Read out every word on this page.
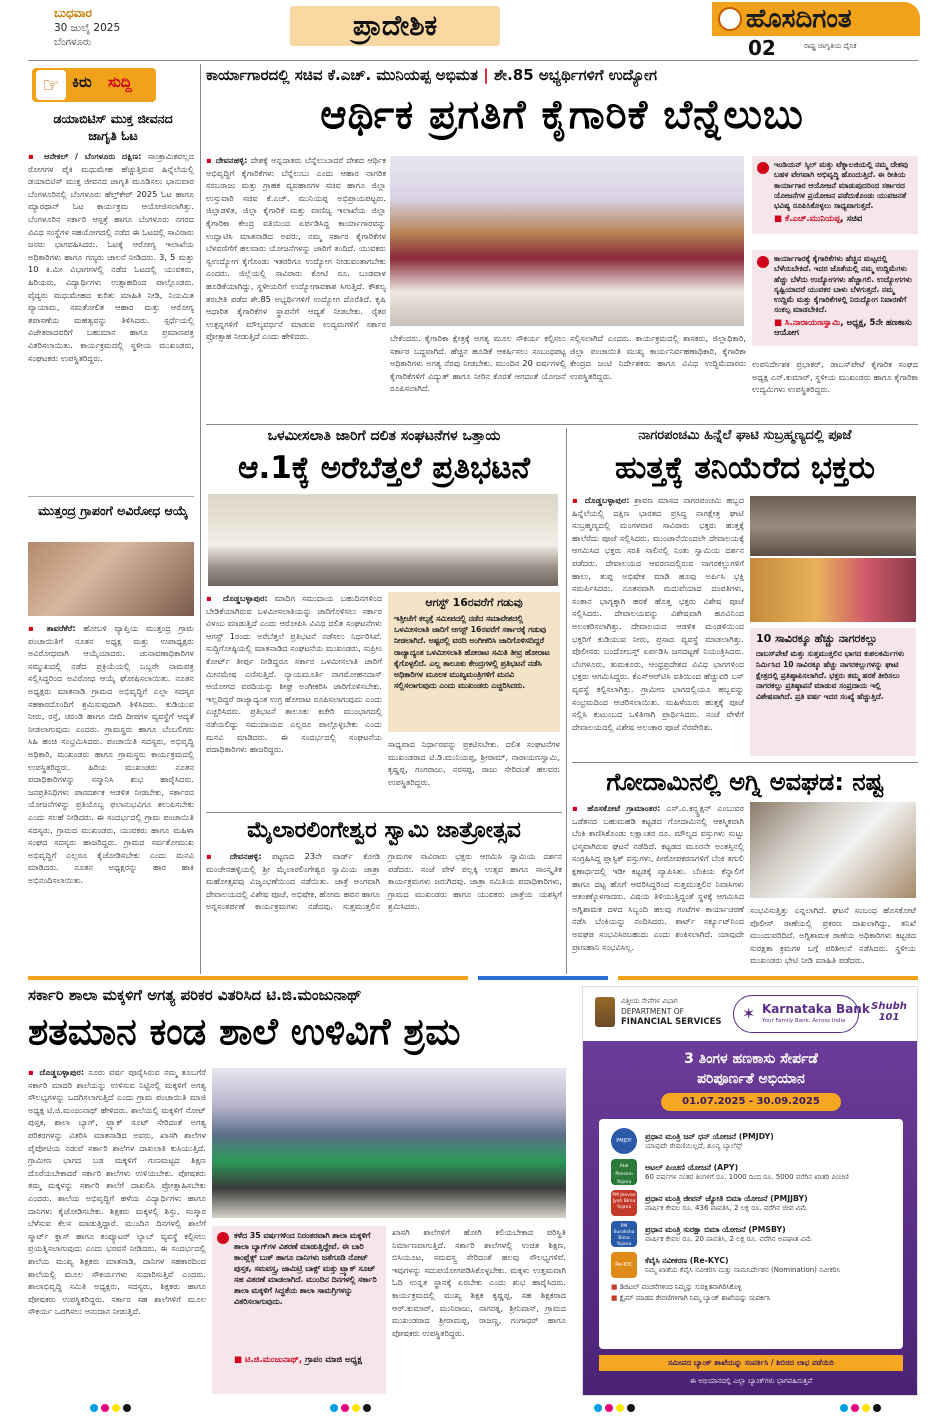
ಬುಧವಾರ
30 ಜುಲೈ 2025
ಬೆಂಗಳೂರು
ಪ್ರಾದೇಶಿಕ	ಹೊಸದಿಗಂತ
02	ರಾಷ್ಟ್ರ ಜಾಗೃತಿಯ ದೈನಿಕ
☞ ಕಿರು ಸುದ್ದಿ
ಡಯಾಬಿಟಿಸ್ ಮುಕ್ತ ಜೀವನದ ಜಾಗೃತಿ ಓಟ
▪ ಆನೇಕಲ್ / ಬೆಂಗಳೂರು ದಕ್ಷಿಣ: ಸಾಂಕ್ರಾಮಿಕವಲ್ಲದ ರೋಗಗಳ ಪೈಕಿ ಮಧುಮೇಹ ಹೆಚ್ಚುತ್ತಿರುವ ಹಿನ್ನೆಲೆಯಲ್ಲಿ ಡಯಾಬಿಟಿಸ್ ಮುಕ್ತ ಜೀವನದ ಜಾಗೃತಿ ಮೂಡಿಸಲು ಭಾನುವಾರ ಬೆಂಗಳೂರಿನಲ್ಲಿ ಬೆಂಗಳೂರು ಹೆಲ್ತ್‌ಕೇರ್ 2025 ಓಟ ಹಾಗೂ ಮ್ಯಾರಥಾನ್ ಓಟ ಕಾರ್ಯಕ್ರಮ ಆಯೋಜಿಸಲಾಗಿತ್ತು. ಬೆಂಗಳೂರಿನ ಸರ್ಕಾರಿ ಆಸ್ಪತ್ರೆ ಹಾಗೂ ಬೆಂಗಳೂರು ನಗರದ ವಿವಿಧ ಸಂಸ್ಥೆಗಳ ಸಹಯೋಗದಲ್ಲಿ ನಡೆದ ಈ ಓಟದಲ್ಲಿ ಸಾವಿರಾರು ಜನರು ಭಾಗವಹಿಸಿದರು. ಓಟಕ್ಕೆ ಆರೋಗ್ಯ ಇಲಾಖೆಯ ಅಧಿಕಾರಿಗಳು ಹಾಗೂ ಗಣ್ಯರು ಚಾಲನೆ ನೀಡಿದರು. 3, 5 ಮತ್ತು 10 ಕಿ.ಮೀ ವಿಭಾಗಗಳಲ್ಲಿ ನಡೆದ ಓಟದಲ್ಲಿ ಯುವಕರು, ಹಿರಿಯರು, ವಿದ್ಯಾರ್ಥಿಗಳು ಉತ್ಸಾಹದಿಂದ ಪಾಲ್ಗೊಂಡರು. ವೈದ್ಯರು ಮಧುಮೇಹದ ಕುರಿತು ಮಾಹಿತಿ ನೀಡಿ, ನಿಯಮಿತ ವ್ಯಾಯಾಮ, ಸಮತೋಲಿತ ಆಹಾರ ಮತ್ತು ಆರೋಗ್ಯ ತಪಾಸಣೆಯ ಮಹತ್ವವನ್ನು ತಿಳಿಸಿದರು. ಸ್ಪರ್ಧೆಯಲ್ಲಿ ವಿಜೇತರಾದವರಿಗೆ ಬಹುಮಾನ ಹಾಗೂ ಪ್ರಮಾಣಪತ್ರ ವಿತರಿಸಲಾಯಿತು. ಕಾರ್ಯಕ್ರಮದಲ್ಲಿ ಸ್ಥಳೀಯ ಮುಖಂಡರು, ಸಂಘಟಕರು ಉಪಸ್ಥಿತರಿದ್ದರು.
ಮುತ್ತಂದ್ರ ಗ್ರಾಪಂಗೆ ಅವಿರೋಧ ಆಯ್ಕೆ
▪ ತಾವರೆಕೆರೆ: ಹೋಬಳಿ ವ್ಯಾಪ್ತಿಯ ಮುತ್ತಂದ್ರ ಗ್ರಾಮ ಪಂಚಾಯಿತಿಗೆ ನೂತನ ಅಧ್ಯಕ್ಷ ಮತ್ತು ಉಪಾಧ್ಯಕ್ಷರು ಅವಿರೋಧವಾಗಿ ಆಯ್ಕೆಯಾದರು. ಚುನಾವಣಾಧಿಕಾರಿಗಳ ಸಮ್ಮುಖದಲ್ಲಿ ನಡೆದ ಪ್ರಕ್ರಿಯೆಯಲ್ಲಿ ಒಬ್ಬರೇ ನಾಮಪತ್ರ ಸಲ್ಲಿಸಿದ್ದರಿಂದ ಅವಿರೋಧ ಆಯ್ಕೆ ಘೋಷಿಸಲಾಯಿತು. ನೂತನ ಅಧ್ಯಕ್ಷರು ಮಾತನಾಡಿ ಗ್ರಾಮದ ಅಭಿವೃದ್ಧಿಗೆ ಎಲ್ಲಾ ಸದಸ್ಯರ ಸಹಕಾರದೊಂದಿಗೆ ಶ್ರಮಿಸುವುದಾಗಿ ತಿಳಿಸಿದರು. ಕುಡಿಯುವ ನೀರು, ರಸ್ತೆ, ಚರಂಡಿ ಹಾಗೂ ಬೀದಿ ದೀಪಗಳ ವ್ಯವಸ್ಥೆಗೆ ಆದ್ಯತೆ ನೀಡಲಾಗುವುದು ಎಂದರು. ಗ್ರಾಮಸ್ಥರು ಹಾಗೂ ಬೆಂಬಲಿಗರು ಸಿಹಿ ಹಂಚಿ ಸಂಭ್ರಮಿಸಿದರು. ಪಂಚಾಯಿತಿ ಸದಸ್ಯರು, ಅಭಿವೃದ್ಧಿ ಅಧಿಕಾರಿ, ಮುಖಂಡರು ಹಾಗೂ ಗ್ರಾಮಸ್ಥರು ಕಾರ್ಯಕ್ರಮದಲ್ಲಿ ಉಪಸ್ಥಿತರಿದ್ದರು. ಹಿರಿಯ ಮುಖಂಡರು ನೂತನ ಪದಾಧಿಕಾರಿಗಳನ್ನು ಸನ್ಮಾನಿಸಿ ಶುಭ ಹಾರೈಸಿದರು. ಜನಪ್ರತಿನಿಧಿಗಳು ಪಾರದರ್ಶಕ ಆಡಳಿತ ನೀಡಬೇಕು, ಸರ್ಕಾರದ ಯೋಜನೆಗಳನ್ನು ಪ್ರತಿಯೊಬ್ಬ ಫಲಾನುಭವಿಗೂ ತಲುಪಿಸಬೇಕು ಎಂದು ಸಲಹೆ ನೀಡಿದರು. ಈ ಸಂದರ್ಭದಲ್ಲಿ ಗ್ರಾಮ ಪಂಚಾಯಿತಿ ಸದಸ್ಯರು, ಗ್ರಾಮದ ಮುಖಂಡರು, ಯುವಕರು ಹಾಗೂ ಮಹಿಳಾ ಸಂಘದ ಸದಸ್ಯರು ಹಾಜರಿದ್ದರು. ಗ್ರಾಮದ ಸರ್ವತೋಮುಖ ಅಭಿವೃದ್ಧಿಗೆ ಎಲ್ಲರೂ ಕೈಜೋಡಿಸಬೇಕು ಎಂದು ಮನವಿ ಮಾಡಿದರು. ನೂತನ ಅಧ್ಯಕ್ಷರನ್ನು ಹಾರ ಹಾಕಿ ಅಭಿನಂದಿಸಲಾಯಿತು.
ಕಾರ್ಯಾಗಾರದಲ್ಲಿ ಸಚಿವ ಕೆ.ಎಚ್. ಮುನಿಯಪ್ಪ ಅಭಿಮತ | ಶೇ.85 ಅಭ್ಯರ್ಥಿಗಳಿಗೆ ಉದ್ಯೋಗ
ಆರ್ಥಿಕ ಪ್ರಗತಿಗೆ ಕೈಗಾರಿಕೆ ಬೆನ್ನೆಲುಬು
▪ ದೇವನಹಳ್ಳಿ: ದೇಶಕ್ಕೆ ಅನ್ನದಾತರು ಬೆನ್ನೆಲುಬಾದರೆ ದೇಶದ ಆರ್ಥಿಕ ಅಭಿವೃದ್ಧಿಗೆ ಕೈಗಾರಿಕೆಗಳು ಬೆನ್ನೆಲುಬು ಎಂದು ಆಹಾರ ನಾಗರಿಕ ಸರಬರಾಜು ಮತ್ತು ಗ್ರಾಹಕ ವ್ಯವಹಾರಗಳ ಸಚಿವ ಹಾಗೂ ಜಿಲ್ಲಾ ಉಸ್ತುವಾರಿ ಸಚಿವ ಕೆ.ಎಚ್. ಮುನಿಯಪ್ಪ ಅಭಿಪ್ರಾಯಪಟ್ಟರು. ಜಿಲ್ಲಾಡಳಿತ, ಜಿಲ್ಲಾ ಕೈಗಾರಿಕೆ ಮತ್ತು ವಾಣಿಜ್ಯ ಇಲಾಖೆಯ ಜಿಲ್ಲಾ ಕೈಗಾರಿಕಾ ಕೇಂದ್ರ ವತಿಯಿಂದ ಏರ್ಪಡಿಸಿದ್ದ ಕಾರ್ಯಾಗಾರವನ್ನು ಉದ್ಘಾಟಿಸಿ ಮಾತನಾಡಿದ ಅವರು, ನಮ್ಮ ಸರ್ಕಾರ ಕೈಗಾರಿಕೆಗಳ ಬೆಳವಣಿಗೆಗೆ ಹಲವಾರು ಯೋಜನೆಗಳನ್ನು ಜಾರಿಗೆ ತಂದಿದೆ. ಯುವಕರು ಸ್ವಉದ್ಯೋಗ ಕೈಗೊಂಡು ಇತರರಿಗೂ ಉದ್ಯೋಗ ನೀಡುವಂತಾಗಬೇಕು ಎಂದರು. ಜಿಲ್ಲೆಯಲ್ಲಿ ಸಾವಿರಾರು ಕೋಟಿ ರೂ. ಬಂಡವಾಳ ಹೂಡಿಕೆಯಾಗಿದ್ದು, ಸ್ಥಳೀಯರಿಗೆ ಉದ್ಯೋಗಾವಕಾಶ ಸಿಗುತ್ತಿದೆ. ಕೌಶಲ್ಯ ತರಬೇತಿ ಪಡೆದ ಶೇ.85 ಅಭ್ಯರ್ಥಿಗಳಿಗೆ ಉದ್ಯೋಗ ದೊರೆತಿದೆ. ಕೃಷಿ ಆಧಾರಿತ ಕೈಗಾರಿಕೆಗಳ ಸ್ಥಾಪನೆಗೆ ಆದ್ಯತೆ ನೀಡಬೇಕು. ರೈತರ ಉತ್ಪನ್ನಗಳಿಗೆ ಮೌಲ್ಯವರ್ಧನೆ ಮಾಡುವ ಉದ್ಯಮಗಳಿಗೆ ಸರ್ಕಾರ ಪ್ರೋತ್ಸಾಹ ನೀಡುತ್ತಿದೆ ಎಂದು ಹೇಳಿದರು.	ಬೇಕೆಂದರು. ಕೈಗಾರಿಕಾ ಕ್ಷೇತ್ರಕ್ಕೆ ಅಗತ್ಯ ಮೂಲ ಸೌಕರ್ಯ ಕಲ್ಪಿಸಲು ಸರ್ಕಾರ ಬದ್ಧವಾಗಿದೆ. ಹೆಚ್ಚಿನ ಹೂಡಿಕೆ ಆಕರ್ಷಿಸಲು ಸಂಬಂಧಪಟ್ಟ ಅಧಿಕಾರಿಗಳು ಅಗತ್ಯ ನೆರವು ನೀಡಬೇಕು. ಮುಂದಿನ 20 ವರ್ಷಗಳಲ್ಲಿ ಕೈಗಾರಿಕೆಗಳಿಗೆ ವಿದ್ಯುತ್ ಹಾಗೂ ನೀರಿನ ಕೊರತೆ ಆಗದಂತೆ ಯೋಜನೆ ರೂಪಿಸಲಾಗಿದೆ.
ಸಲ್ಲಿಸಲಾಗಿದೆ ಎಂದರು. ಕಾರ್ಯಕ್ರಮದಲ್ಲಿ ಶಾಸಕರು, ಜಿಲ್ಲಾಧಿಕಾರಿ, ಜಿಲ್ಲಾ ಪಂಚಾಯಿತಿ ಮುಖ್ಯ ಕಾರ್ಯನಿರ್ವಹಣಾಧಿಕಾರಿ, ಕೈಗಾರಿಕಾ ಕೇಂದ್ರದ ಜಂಟಿ ನಿರ್ದೇಶಕರು ಹಾಗೂ ವಿವಿಧ ಉದ್ದಿಮೆದಾರರು ಉಪಸ್ಥಿತರಿದ್ದರು.
ಇಂಡಿಯನ್ ಸ್ಕಿಲ್ ಮತ್ತು ಟೆಕ್ನಾಲಜಿಯಲ್ಲಿ ನಮ್ಮ ದೇಶವು ಬಹಳ ವೇಗವಾಗಿ ಅಭಿವೃದ್ಧಿ ಹೊಂದುತ್ತಿದೆ. ಈ ರೀತಿಯ ಕಾರ್ಯಾಗಾರ ಆಯೋಜನೆ ಮಾಡುವುದರಿಂದ ಸರ್ಕಾರದ ಯೋಜನೆಗಳ ಪ್ರಯೋಜನ ಪಡೆದುಕೊಂಡು ಯುವಜನತೆ ಭವಿಷ್ಯ ರೂಪಿಸಿಕೊಳ್ಳಲು ಸಾಧ್ಯವಾಗುತ್ತದೆ.
■ ಕೆ.ಎಚ್.ಮುನಿಯಪ್ಪ, ಸಚಿವ
ಕಾರ್ಯಾಗಾರಕ್ಕೆ ಕೈಗಾರಿಕೆಗಳು ಹೆಚ್ಚಿನ ಮಟ್ಟದಲ್ಲಿ ಬೆಳೆಯಬೇಕಿದೆ. ಇದರ ಜೊತೆಯಲ್ಲಿ ನಮ್ಮ ಉದ್ದಿಮೆಗಳು ಹೆಚ್ಚು ಬೆಳೆದು ಉದ್ಯೋಗಗಳು ಹೆಚ್ಚಾಗಲಿ. ಉದ್ಯೋಗಗಳು ಸೃಷ್ಟಿಯಾದರೆ ಯುವಕರ ಬಾಳು ಬೆಳಗುತ್ತದೆ. ನಮ್ಮ ಉದ್ದಿಮೆ ಮತ್ತು ಕೈಗಾರಿಕೆಗಳಲ್ಲಿ ನಿರುದ್ಯೋಗ ನಿವಾರಣೆಗೆ ಸಂಕಲ್ಪ ಮಾಡಬೇಕಿದೆ.
■ ಸಿ.ನಾರಾಯಣಸ್ವಾಮಿ, ಅಧ್ಯಕ್ಷ, 5ನೇ ಹಣಕಾಸು ಆಯೋಗ
ಉಪನಿರ್ದೇಶಕ ಪ್ರಭಾಕರ್, ಡಾಬಸ್‌ಪೇಟೆ ಕೈಗಾರಿಕ ಸಂಘದ ಅಧ್ಯಕ್ಷ ಎನ್.ಕುಮಾರ್, ಸ್ಥಳೀಯ ಮುಖಂಡರು ಹಾಗೂ ಕೈಗಾರಿಕಾ ಉದ್ಯಮಿಗಳು ಉಪಸ್ಥಿತರಿದ್ದರು.
ಒಳಮೀಸಲಾತಿ ಜಾರಿಗೆ ದಲಿತ ಸಂಘಟನೆಗಳ ಒತ್ತಾಯ
ಆ.1ಕ್ಕೆ ಅರೆಬೆತ್ತಲೆ ಪ್ರತಿಭಟನೆ
▪ ದೊಡ್ಡಬಳ್ಳಾಪುರ: ಮಾದಿಗ ಸಮುದಾಯ ಬಹುದಿನಗಳಿಂದ ಬೇಡಿಕೆಯಾಗಿರುವ ಒಳಮೀಸಲಾತಿಯನ್ನು ಜಾರಿಗೊಳಿಸಲು ಸರ್ಕಾರ ವಿಳಂಬ ಮಾಡುತ್ತಿದೆ ಎಂದು ಆರೋಪಿಸಿ ವಿವಿಧ ದಲಿತ ಸಂಘಟನೆಗಳು ಆಗಸ್ಟ್ 1ರಂದು ಅರೆಬೆತ್ತಲೆ ಪ್ರತಿಭಟನೆ ನಡೆಸಲು ನಿರ್ಧರಿಸಿವೆ. ಸುದ್ದಿಗೋಷ್ಠಿಯಲ್ಲಿ ಮಾತನಾಡಿದ ಸಂಘಟನೆಯ ಮುಖಂಡರು, ಸುಪ್ರೀಂ ಕೋರ್ಟ್ ತೀರ್ಪು ನೀಡಿದ್ದರೂ ಸರ್ಕಾರ ಒಳಮೀಸಲಾತಿ ಜಾರಿಗೆ ಮೀನಮೇಷ ಎಣಿಸುತ್ತಿದೆ. ನ್ಯಾಯಮೂರ್ತಿ ನಾಗಮೋಹನದಾಸ್ ಆಯೋಗದ ವರದಿಯನ್ನು ಶೀಘ್ರ ಅಂಗೀಕರಿಸಿ ಜಾರಿಗೊಳಿಸಬೇಕು. ಇಲ್ಲದಿದ್ದರೆ ರಾಜ್ಯಾದ್ಯಂತ ಉಗ್ರ ಹೋರಾಟ ರೂಪಿಸಲಾಗುವುದು ಎಂದು ಎಚ್ಚರಿಸಿದರು. ಪ್ರತಿಭಟನೆ ತಾಲೂಕು ಕಚೇರಿ ಮುಂಭಾಗದಲ್ಲಿ ನಡೆಯಲಿದ್ದು ಸಮುದಾಯದ ಎಲ್ಲರೂ ಪಾಲ್ಗೊಳ್ಳಬೇಕು ಎಂದು ಮನವಿ ಮಾಡಿದರು. ಈ ಸಂದರ್ಭದಲ್ಲಿ ಸಂಘಟನೆಯ ಪದಾಧಿಕಾರಿಗಳು ಹಾಜರಿದ್ದರು.
ಆಗಸ್ಟ್ 16ರವರೆಗೆ ಗಡುವು
ಇತ್ತೀಚೆಗೆ ಕಲ್ಕತ್ತೆ ಸಮೀಪದಲ್ಲಿ ನಡೆದ ಸಮಾವೇಶದಲ್ಲಿ ಒಳಮೀಸಲಾತಿ ಜಾರಿಗೆ ಆಗಸ್ಟ್ 16ರವರೆಗೆ ಸರ್ಕಾರಕ್ಕೆ ಗಡುವು ನೀಡಲಾಗಿದೆ. ಅಷ್ಟರಲ್ಲಿ ವರದಿ ಅಂಗೀಕರಿಸಿ ಜಾರಿಗೊಳಿಸದಿದ್ದರೆ ರಾಜ್ಯಾದ್ಯಂತ ಒಳಮೀಸಲಾತಿ ಹೋರಾಟ ಸಮಿತಿ ತೀವ್ರ ಹೋರಾಟ ಕೈಗೊಳ್ಳಲಿದೆ. ಎಲ್ಲ ತಾಲೂಕು ಕೇಂದ್ರಗಳಲ್ಲಿ ಪ್ರತಿಭಟನೆ ನಡೆಸಿ ಅಧಿಕಾರಿಗಳ ಮೂಲಕ ಮುಖ್ಯಮಂತ್ರಿಗಳಿಗೆ ಮನವಿ ಸಲ್ಲಿಸಲಾಗುವುದು ಎಂದು ಮುಖಂಡರು ಎಚ್ಚರಿಸಿದರು.
ಸಾಧ್ಯವಾದ ನಿರ್ಧಾರವನ್ನು ಪ್ರಕಟಿಸಬೇಕು. ದಲಿತ ಸಂಘಟನೆಗಳ ಮುಖಂಡರಾದ ಟಿ.ಡಿ.ಮುನಿಯಪ್ಪ, ಶ್ರೀರಾಮ್, ನಾರಾಯಣಸ್ವಾಮಿ, ಕೃಷ್ಣಪ್ಪ, ಗಂಗರಾಜು, ನರಸಪ್ಪ, ರಾಜು ಸೇರಿದಂತೆ ಹಲವರು ಉಪಸ್ಥಿತರಿದ್ದರು.
ನಾಗರಪಂಚಮಿ ಹಿನ್ನೆಲೆ ಘಾಟಿ ಸುಬ್ರಹ್ಮಣ್ಯದಲ್ಲಿ ಪೂಜೆ
ಹುತ್ತಕ್ಕೆ ತನಿಯೆರೆದ ಭಕ್ತರು
▪ ದೊಡ್ಡಬಳ್ಳಾಪುರ: ಶ್ರಾವಣ ಮಾಸದ ನಾಗರಪಂಚಮಿ ಹಬ್ಬದ ಹಿನ್ನೆಲೆಯಲ್ಲಿ ದಕ್ಷಿಣ ಭಾರತದ ಪ್ರಸಿದ್ಧ ನಾಗಕ್ಷೇತ್ರ ಘಾಟಿ ಸುಬ್ರಹ್ಮಣ್ಯದಲ್ಲಿ ಮಂಗಳವಾರ ಸಾವಿರಾರು ಭಕ್ತರು ಹುತ್ತಕ್ಕೆ ಹಾಲೆರೆದು ಪೂಜೆ ಸಲ್ಲಿಸಿದರು. ಮುಂಜಾನೆಯಿಂದಲೇ ದೇವಾಲಯಕ್ಕೆ ಆಗಮಿಸಿದ ಭಕ್ತರು ಸರತಿ ಸಾಲಿನಲ್ಲಿ ನಿಂತು ಸ್ವಾಮಿಯ ದರ್ಶನ ಪಡೆದರು. ದೇವಾಲಯದ ಆವರಣದಲ್ಲಿರುವ ನಾಗರಕಲ್ಲುಗಳಿಗೆ ಹಾಲು, ತುಪ್ಪ ಅಭಿಷೇಕ ಮಾಡಿ ಹೂವು ಅರ್ಪಿಸಿ ಭಕ್ತಿ ಸಮರ್ಪಿಸಿದರು. ನೂತನವಾಗಿ ಮದುವೆಯಾದ ದಂಪತಿಗಳು, ಸಂತಾನ ಭಾಗ್ಯಕ್ಕಾಗಿ ಹರಕೆ ಹೊತ್ತ ಭಕ್ತರು ವಿಶೇಷ ಪೂಜೆ ಸಲ್ಲಿಸಿದರು. ದೇವಾಲಯವನ್ನು ವಿಶೇಷವಾಗಿ ಹೂವಿನಿಂದ ಅಲಂಕರಿಸಲಾಗಿತ್ತು. ದೇವಾಲಯದ ಆಡಳಿತ ಮಂಡಳಿಯಿಂದ ಭಕ್ತರಿಗೆ ಕುಡಿಯುವ ನೀರು, ಪ್ರಸಾದ ವ್ಯವಸ್ಥೆ ಮಾಡಲಾಗಿತ್ತು. ಪೊಲೀಸರು ಬಂದೋಬಸ್ತ್ ಏರ್ಪಡಿಸಿ ಜನದಟ್ಟಣೆ ನಿಯಂತ್ರಿಸಿದರು. ಬೆಂಗಳೂರು, ತುಮಕೂರು, ಆಂಧ್ರಪ್ರದೇಶದ ವಿವಿಧ ಭಾಗಗಳಿಂದ ಭಕ್ತರು ಆಗಮಿಸಿದ್ದರು. ಕೆಎಸ್ಆರ್‌ಟಿಸಿ ವತಿಯಿಂದ ಹೆಚ್ಚುವರಿ ಬಸ್ ವ್ಯವಸ್ಥೆ ಕಲ್ಪಿಸಲಾಗಿತ್ತು. ಗ್ರಾಮೀಣ ಭಾಗದಲ್ಲಿಯೂ ಹಬ್ಬವನ್ನು ಸಂಭ್ರಮದಿಂದ ಆಚರಿಸಲಾಯಿತು. ಮಹಿಳೆಯರು ಹುತ್ತಕ್ಕೆ ಪೂಜೆ ಸಲ್ಲಿಸಿ ಕುಟುಂಬದ ಒಳಿತಿಗಾಗಿ ಪ್ರಾರ್ಥಿಸಿದರು. ಸಂಜೆ ವೇಳೆಗೆ ದೇವಾಲಯದಲ್ಲಿ ವಿಶೇಷ ಅಲಂಕಾರ ಪೂಜೆ ನೆರವೇರಿತು.
10 ಸಾವಿರಕ್ಕೂ ಹೆಚ್ಚು ನಾಗರಕಲ್ಲು
ದಾಬಸ್‌ಪೇಟೆ ಮತ್ತು ಸುತ್ತಮುತ್ತಲಿನ ಭಾಗದ ಕುಶಲಕರ್ಮಿಗಳು ನಿರ್ಮಿಸಿದ 10 ಸಾವಿರಕ್ಕೂ ಹೆಚ್ಚು ನಾಗರಕಲ್ಲುಗಳನ್ನು ಘಾಟಿ ಕ್ಷೇತ್ರದಲ್ಲಿ ಪ್ರತಿಷ್ಠಾಪಿಸಲಾಗಿದೆ. ಭಕ್ತರು ತಮ್ಮ ಹರಕೆ ತೀರಿಸಲು ನಾಗರಕಲ್ಲು ಪ್ರತಿಷ್ಠಾಪನೆ ಮಾಡುವ ಸಂಪ್ರದಾಯ ಇಲ್ಲಿ ವಿಶೇಷವಾಗಿದೆ. ಪ್ರತಿ ವರ್ಷ ಇದರ ಸಂಖ್ಯೆ ಹೆಚ್ಚುತ್ತಿದೆ.
ಗೋದಾಮಿನಲ್ಲಿ ಅಗ್ನಿ ಅವಘಡ: ನಷ್ಟ
▪ ಹೊಸಕೋಟೆ ಗ್ರಾಮಾಂತರ: ಎಸ್.ಎ.ಕನ್ಸ್ಟ್ರಕ್ಷನ್ ಎಂಬುವರ ಒಡೆತನದ ಬಹುಮಹಡಿ ಕಟ್ಟಡದ ಗೋದಾಮಿನಲ್ಲಿ ಆಕಸ್ಮಿಕವಾಗಿ ಬೆಂಕಿ ಕಾಣಿಸಿಕೊಂಡು ಲಕ್ಷಾಂತರ ರೂ. ಮೌಲ್ಯದ ವಸ್ತುಗಳು ಸುಟ್ಟು ಭಸ್ಮವಾಗಿರುವ ಘಟನೆ ನಡೆದಿದೆ. ಕಟ್ಟಡದ ಮೂರನೇ ಅಂತಸ್ತಿನಲ್ಲಿ ಸಂಗ್ರಹಿಸಿದ್ದ ಪ್ಲಾಸ್ಟಿಕ್ ವಸ್ತುಗಳು, ಪೀಠೋಪಕರಣಗಳಿಗೆ ಬೆಂಕಿ ತಗುಲಿ ಕ್ಷಣಾರ್ಧದಲ್ಲಿ ಇಡೀ ಕಟ್ಟಡಕ್ಕೆ ವ್ಯಾಪಿಸಿತು. ಬೆಂಕಿಯ ಕೆನ್ನಾಲಿಗೆ ಹಾಗೂ ದಟ್ಟ ಹೊಗೆ ಆವರಿಸಿದ್ದರಿಂದ ಸುತ್ತಮುತ್ತಲಿನ ನಿವಾಸಿಗಳು ಆತಂಕಕ್ಕೊಳಗಾದರು. ವಿಷಯ ತಿಳಿಯುತ್ತಿದ್ದಂತೆ ಸ್ಥಳಕ್ಕೆ ಆಗಮಿಸಿದ ಅಗ್ನಿಶಾಮಕ ದಳದ ಸಿಬ್ಬಂದಿ ಹಲವು ಗಂಟೆಗಳ ಕಾರ್ಯಾಚರಣೆ ನಡೆಸಿ ಬೆಂಕಿಯನ್ನು ನಂದಿಸಿದರು. ಶಾರ್ಟ್ ಸರ್ಕ್ಯೂಟ್‌ನಿಂದ ಅವಘಡ ಸಂಭವಿಸಿರಬಹುದು ಎಂದು ಶಂಕಿಸಲಾಗಿದೆ. ಯಾವುದೇ ಪ್ರಾಣಹಾನಿ ಸಂಭವಿಸಿಲ್ಲ.
ಸಂಭವಿಸುತ್ತಿತ್ತು ಎನ್ನಲಾಗಿದೆ. ಘಟನೆ ಸಂಬಂಧ ಹೊಸಕೋಟೆ ಪೊಲೀಸ್ ಠಾಣೆಯಲ್ಲಿ ಪ್ರಕರಣ ದಾಖಲಾಗಿದ್ದು, ತನಿಖೆ ಮುಂದುವರಿದಿದೆ. ಅಗ್ನಿಶಾಮಕ ಠಾಣೆಯ ಅಧಿಕಾರಿಗಳು ಕಟ್ಟಡದ ಸುರಕ್ಷತಾ ಕ್ರಮಗಳ ಬಗ್ಗೆ ಪರಿಶೀಲನೆ ನಡೆಸಿದರು. ಸ್ಥಳೀಯ ಮುಖಂಡರು ಭೇಟಿ ನೀಡಿ ಮಾಹಿತಿ ಪಡೆದರು.
ಮೈಲಾರಲಿಂಗೇಶ್ವರ ಸ್ವಾಮಿ ಜಾತ್ರೋತ್ಸವ
▪ ದೇವನಹಳ್ಳಿ: ಪಟ್ಟಣದ 23ನೇ ವಾರ್ಡ್ ಕೋಡಿ ಮಂಚೇನಹಳ್ಳಿಯಲ್ಲಿ ಶ್ರೀ ಮೈಲಾರಲಿಂಗೇಶ್ವರ ಸ್ವಾಮಿಯ ಜಾತ್ರಾ ಮಹೋತ್ಸವವು ವಿಜೃಂಭಣೆಯಿಂದ ನಡೆಯಿತು. ಜಾತ್ರೆ ಅಂಗವಾಗಿ ದೇವಾಲಯದಲ್ಲಿ ವಿಶೇಷ ಪೂಜೆ, ಅಭಿಷೇಕ, ಹೋಮ ಹವನ ಹಾಗೂ ಅನ್ನಸಂತರ್ಪಣೆ ಕಾರ್ಯಕ್ರಮಗಳು ನಡೆದವು. ಸುತ್ತಮುತ್ತಲಿನ ಗ್ರಾಮಗಳ ಸಾವಿರಾರು ಭಕ್ತರು ಆಗಮಿಸಿ ಸ್ವಾಮಿಯ ದರ್ಶನ ಪಡೆದರು. ಸಂಜೆ ವೇಳೆ ಪಲ್ಲಕ್ಕಿ ಉತ್ಸವ ಹಾಗೂ ಸಾಂಸ್ಕೃತಿಕ ಕಾರ್ಯಕ್ರಮಗಳು ಜರುಗಿದವು. ಜಾತ್ರಾ ಸಮಿತಿಯ ಪದಾಧಿಕಾರಿಗಳು, ಗ್ರಾಮದ ಮುಖಂಡರು ಹಾಗೂ ಯುವಕರು ಜಾತ್ರೆಯ ಯಶಸ್ಸಿಗೆ ಶ್ರಮಿಸಿದರು.
ಸರ್ಕಾರಿ ಶಾಲಾ ಮಕ್ಕಳಿಗೆ ಅಗತ್ಯ ಪರಿಕರ ವಿತರಿಸಿದ ಟಿ.ಜಿ.ಮಂಜುನಾಥ್
ಶತಮಾನ ಕಂಡ ಶಾಲೆ ಉಳಿವಿಗೆ ಶ್ರಮ
▪ ದೊಡ್ಡಬಳ್ಳಾಪುರ: ನೂರು ವರ್ಷ ಪೂರೈಸಿರುವ ನಮ್ಮ ತೂಬಗೆರೆ ಸರ್ಕಾರಿ ಮಾದರಿ ಶಾಲೆಯನ್ನು ಉಳಿಸುವ ನಿಟ್ಟಿನಲ್ಲಿ ಮಕ್ಕಳಿಗೆ ಅಗತ್ಯ ಸೌಲಭ್ಯಗಳನ್ನು ಒದಗಿಸಲಾಗುತ್ತಿದೆ ಎಂದು ಗ್ರಾಮ ಪಂಚಾಯಿತಿ ಮಾಜಿ ಅಧ್ಯಕ್ಷ ಟಿ.ಜಿ.ಮಂಜುನಾಥ್ ಹೇಳಿದರು. ಶಾಲೆಯಲ್ಲಿ ಮಕ್ಕಳಿಗೆ ನೋಟ್ ಪುಸ್ತಕ, ಶಾಲಾ ಬ್ಯಾಗ್, ಟ್ರ್ಯಾಕ್ ಸೂಟ್ ಸೇರಿದಂತೆ ಅಗತ್ಯ ಪರಿಕರಗಳನ್ನು ವಿತರಿಸಿ ಮಾತನಾಡಿದ ಅವರು, ಖಾಸಗಿ ಶಾಲೆಗಳ ಪೈಪೋಟಿಯ ನಡುವೆ ಸರ್ಕಾರಿ ಶಾಲೆಗಳ ದಾಖಲಾತಿ ಕುಸಿಯುತ್ತಿದೆ. ಗ್ರಾಮೀಣ ಭಾಗದ ಬಡ ಮಕ್ಕಳಿಗೆ ಗುಣಮಟ್ಟದ ಶಿಕ್ಷಣ ದೊರೆಯಬೇಕಾದರೆ ಸರ್ಕಾರಿ ಶಾಲೆಗಳು ಉಳಿಯಬೇಕು. ಪೋಷಕರು ತಮ್ಮ ಮಕ್ಕಳನ್ನು ಸರ್ಕಾರಿ ಶಾಲೆಗೆ ದಾಖಲಿಸಿ ಪ್ರೋತ್ಸಾಹಿಸಬೇಕು ಎಂದರು. ಶಾಲೆಯ ಅಭಿವೃದ್ಧಿಗೆ ಹಳೆಯ ವಿದ್ಯಾರ್ಥಿಗಳು ಹಾಗೂ ದಾನಿಗಳು ಕೈಜೋಡಿಸಬೇಕು. ಶಿಕ್ಷಕರು ಮಕ್ಕಳಲ್ಲಿ ಶಿಸ್ತು, ಸಂಸ್ಕಾರ ಬೆಳೆಸುವ ಕೆಲಸ ಮಾಡುತ್ತಿದ್ದಾರೆ. ಮುಂದಿನ ದಿನಗಳಲ್ಲಿ ಶಾಲೆಗೆ ಸ್ಮಾರ್ಟ್ ಕ್ಲಾಸ್ ಹಾಗೂ ಕಂಪ್ಯೂಟರ್ ಲ್ಯಾಬ್ ವ್ಯವಸ್ಥೆ ಕಲ್ಪಿಸಲು ಪ್ರಯತ್ನಿಸಲಾಗುವುದು ಎಂದು ಭರವಸೆ ನೀಡಿದರು. ಈ ಸಂದರ್ಭದಲ್ಲಿ ಶಾಲೆಯ ಮುಖ್ಯ ಶಿಕ್ಷಕರು ಮಾತನಾಡಿ, ದಾನಿಗಳ ಸಹಕಾರದಿಂದ ಶಾಲೆಯಲ್ಲಿ ಮೂಲ ಸೌಕರ್ಯಗಳು ಸುಧಾರಿಸುತ್ತಿವೆ ಎಂದರು. ಶಾಲಾಭಿವೃದ್ಧಿ ಸಮಿತಿ ಅಧ್ಯಕ್ಷರು, ಸದಸ್ಯರು, ಶಿಕ್ಷಕರು ಹಾಗೂ ಪೋಷಕರು ಉಪಸ್ಥಿತರಿದ್ದರು. ಸರ್ಕಾರ ಸಹ ಶಾಲೆಗಳಿಗೆ ಮೂಲ ಸೌಕರ್ಯ ಒದಗಿಸಲು ಅನುದಾನ ನೀಡುತ್ತಿದೆ.
ಕಳೆದ 35 ವರ್ಷಗಳಿಂದ ನಿರಂತರವಾಗಿ ಶಾಲಾ ಮಕ್ಕಳಿಗೆ ಶಾಲಾ ಬ್ಯಾಗ್‌ಗಳ ವಿತರಣೆ ಮಾಡುತ್ತಿದ್ದೇವೆ. ಈ ಬಾರಿ ಕಾಂಪ್ಲೆಕ್ಸ್ ಬುಕ್ ಹಾಗೂ ದಾನಿಗಳು ಜತೆಗೂಡಿ ನೋಟ್ ಪುಸ್ತಕ, ಸಮವಸ್ತ್ರ, ಜಾಮಿಟ್ರಿ ಬಾಕ್ಸ್ ಮತ್ತು ಟ್ರ್ಯಾಕ್ ಸೂಟ್ ಸಹ ವಿತರಣೆ ಮಾಡಲಾಗಿದೆ. ಮುಂದಿನ ದಿನಗಳಲ್ಲಿ ಸರ್ಕಾರಿ ಶಾಲಾ ಮಕ್ಕಳಿಗೆ ಸಿದ್ಧತೆಯ ಶಾಲಾ ಸಾಮಗ್ರಿಗಳನ್ನು ವಿತರಿಸಲಾಗುವುದು.
■ ಟಿ.ಜಿ.ಮಂಜುನಾಥ್, ಗ್ರಾಪಂ ಮಾಜಿ ಅಧ್ಯಕ್ಷ
ಖಾಸಗಿ ಶಾಲೆಗಳಿಗೆ ಹೋಗಿ ಕಲಿಯಬೇಕಾದ ಪರಿಸ್ಥಿತಿ ನಿರ್ಮಾಣವಾಗುತ್ತಿದೆ. ಸರ್ಕಾರಿ ಶಾಲೆಗಳಲ್ಲಿ ಉಚಿತ ಶಿಕ್ಷಣ, ಬಿಸಿಯೂಟ, ಸಮವಸ್ತ್ರ ಸೇರಿದಂತೆ ಹಲವು ಸೌಲಭ್ಯಗಳಿವೆ. ಇವುಗಳನ್ನು ಸದುಪಯೋಗಪಡಿಸಿಕೊಳ್ಳಬೇಕು. ಮಕ್ಕಳು ಉತ್ತಮವಾಗಿ ಓದಿ ಉನ್ನತ ಸ್ಥಾನಕ್ಕೆ ಏರಬೇಕು ಎಂದು ಶುಭ ಹಾರೈಸಿದರು. ಕಾರ್ಯಕ್ರಮದಲ್ಲಿ ಮುಖ್ಯ ಶಿಕ್ಷಕ ಕೃಷ್ಣಪ್ಪ, ಸಹ ಶಿಕ್ಷಕರಾದ ಆರ್.ಕುಮಾರ್, ಮುನಿರಾಜು, ನಾಗರತ್ನ, ಶ್ರೀನಿವಾಸ್, ಗ್ರಾಮದ ಮುಖಂಡರಾದ ಶ್ರೀರಾಮಪ್ಪ, ರಾಜಣ್ಣ, ಗಂಗಾಧರ್ ಹಾಗೂ ಪೋಷಕರು ಉಪಸ್ಥಿತರಿದ್ದರು.
ವಿತ್ತೀಯ ಸೇವೆಗಳ ವಿಭಾಗ
DEPARTMENT OF
FINANCIAL SERVICES ✶ Karnataka Bank
Your Family Bank. Across India
Shubh 101
3 ತಿಂಗಳ ಹಣಕಾಸು ಸೇರ್ಪಡೆ
ಪರಿಪೂರ್ಣತೆ ಅಭಿಯಾನ
01.07.2025 - 30.09.2025
PMJDY
ಪ್ರಧಾನ ಮಂತ್ರಿ ಜನ್ ಧನ್ ಯೋಜನೆ (PMJDY)
ಯಾವುದೇ ಠೇವಣಿಯಿಲ್ಲದೆ, ಶೂನ್ಯ ಬ್ಯಾಲೆನ್ಸ್
Atal Pension Yojana
ಅಟಲ್ ಪಿಂಚಣಿ ಯೋಜನೆ (APY)
60 ವರ್ಷಗಳ ನಂತರ ತಿಂಗಳಿಗೆ ರೂ. 1000 ದಿಂದ ರೂ. 5000 ವರೆಗಿನ ಖಾತರಿ ಪಿಂಚಣಿ
PM Jeevan Jyoti Bima Yojana
ಪ್ರಧಾನ ಮಂತ್ರಿ ಜೀವನ್ ಜ್ಯೋತಿ ಬಿಮಾ ಯೋಜನೆ (PMJJBY)
ವಾರ್ಷಿಕ ಕೇವಲ ರೂ. 436 ಪಾವತಿಸಿ, 2 ಲಕ್ಷ ರೂ. ವರೆಗಿನ ಜೀವ ವಿಮೆ
PM Suraksha Bima Yojana
ಪ್ರಧಾನ ಮಂತ್ರಿ ಸುರಕ್ಷಾ ಬಿಮಾ ಯೋಜನೆ (PMSBY)
ವಾರ್ಷಿಕ ಕೇವಲ ರೂ. 20 ಪಾವತಿಸಿ, 2 ಲಕ್ಷ ರೂ. ವರೆಗಿನ ಅಪಘಾತ ವಿಮೆ
Re-KYC
ಕೆವೈಸಿ ನವೀಕರಣ (Re-KYC)
ನಿಮ್ಮ ಖಾತೆಯ ಕೆವೈಸಿ ನವೀಕರಿಸಿ ಮತ್ತು ನಾಮನಿರ್ದೇಶನ (Nomination) ನವೀಕರಿಸಿ
■ ಡಿಜಿಟಲ್ ವಂಚನೆಗಳಿಂದ ನಿಮ್ಮನ್ನು ಸುರಕ್ಷಿತವಾಗಿರಿಸಿಕೊಳ್ಳಿ
■ ಕ್ಲೈಮ್ ಮಾಡದ ಠೇವಣಿಗಳಿಗಾಗಿ ನಿಮ್ಮ ಬ್ಯಾಂಕ್ ಶಾಖೆಯನ್ನು ಸಂಪರ್ಕಿಸಿ
ಸಮೀಪದ ಬ್ಯಾಂಕ್ ಶಾಖೆಯನ್ನು ಸಂಪರ್ಕಿಸಿ / ಶಿಬಿರದ ಲಾಭ ಪಡೆಯಿರಿ
ಈ ಅಭಿಯಾನದಲ್ಲಿ ಎಲ್ಲಾ ಬ್ಯಾಂಕ್‌ಗಳು ಭಾಗವಹಿಸುತ್ತಿವೆ
